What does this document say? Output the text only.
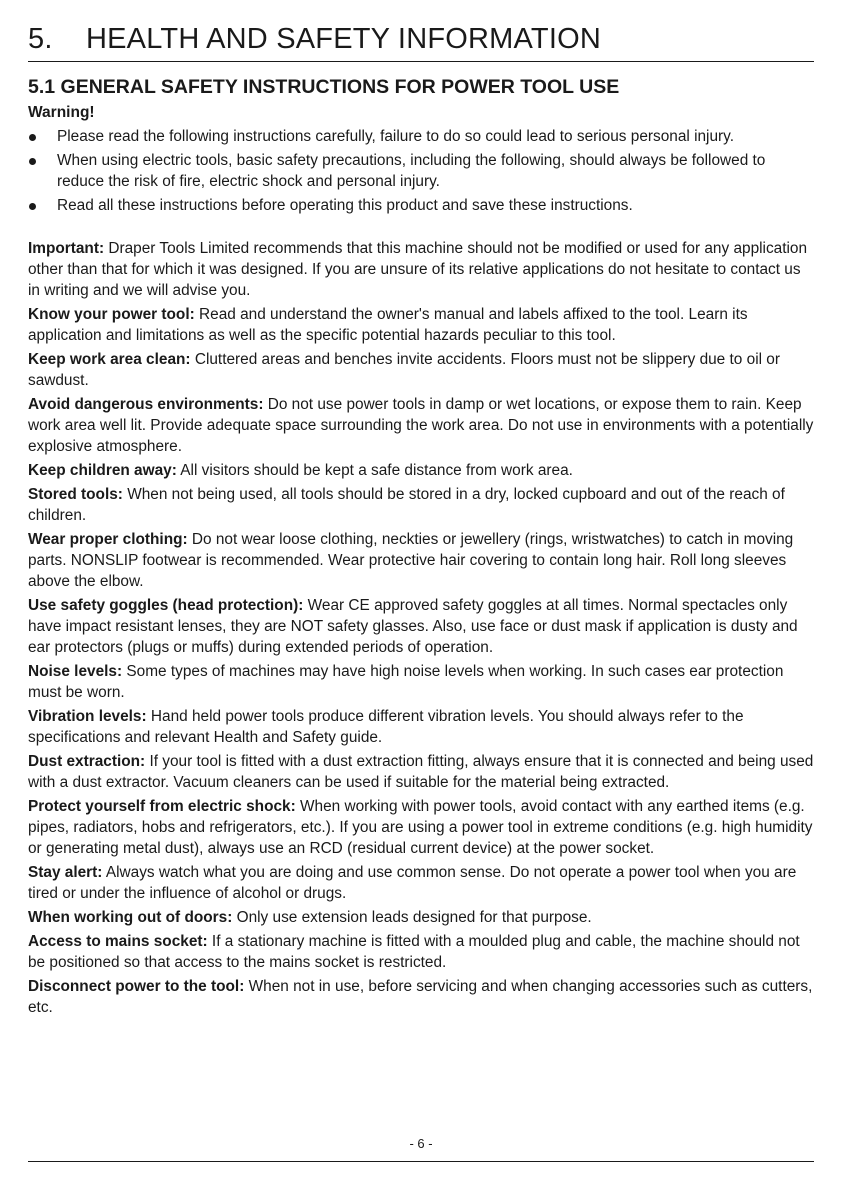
5. HEALTH AND SAFETY INFORMATION
5.1 GENERAL SAFETY INSTRUCTIONS FOR POWER TOOL USE
Warning!
Please read the following instructions carefully, failure to do so could lead to serious personal injury.
When using electric tools, basic safety precautions, including the following, should always be followed to reduce the risk of fire, electric shock and personal injury.
Read all these instructions before operating this product and save these instructions.

Important: Draper Tools Limited recommends that this machine should not be modified or used for any application other than that for which it was designed. If you are unsure of its relative applications do not hesitate to contact us in writing and we will advise you.

Know your power tool: Read and understand the owner's manual and labels affixed to the tool. Learn its application and limitations as well as the specific potential hazards peculiar to this tool.

Keep work area clean: Cluttered areas and benches invite accidents. Floors must not be slippery due to oil or sawdust.

Avoid dangerous environments: Do not use power tools in damp or wet locations, or expose them to rain. Keep work area well lit. Provide adequate space surrounding the work area. Do not use in environments with a potentially explosive atmosphere.

Keep children away: All visitors should be kept a safe distance from work area.

Stored tools: When not being used, all tools should be stored in a dry, locked cupboard and out of the reach of children.

Wear proper clothing: Do not wear loose clothing, neckties or jewellery (rings, wristwatches) to catch in moving parts. NONSLIP footwear is recommended. Wear protective hair covering to contain long hair. Roll long sleeves above the elbow.

Use safety goggles (head protection): Wear CE approved safety goggles at all times. Normal spectacles only have impact resistant lenses, they are NOT safety glasses. Also, use face or dust mask if application is dusty and ear protectors (plugs or muffs) during extended periods of operation.

Noise levels: Some types of machines may have high noise levels when working. In such cases ear protection must be worn.

Vibration levels: Hand held power tools produce different vibration levels. You should always refer to the specifications and relevant Health and Safety guide.

Dust extraction: If your tool is fitted with a dust extraction fitting, always ensure that it is connected and being used with a dust extractor. Vacuum cleaners can be used if suitable for the material being extracted.

Protect yourself from electric shock: When working with power tools, avoid contact with any earthed items (e.g. pipes, radiators, hobs and refrigerators, etc.). If you are using a power tool in extreme conditions (e.g. high humidity or generating metal dust), always use an RCD (residual current device) at the power socket.

Stay alert: Always watch what you are doing and use common sense. Do not operate a power tool when you are tired or under the influence of alcohol or drugs.

When working out of doors: Only use extension leads designed for that purpose.

Access to mains socket: If a stationary machine is fitted with a moulded plug and cable, the machine should not be positioned so that access to the mains socket is restricted.

Disconnect power to the tool: When not in use, before servicing and when changing accessories such as cutters, etc.

- 6 -
